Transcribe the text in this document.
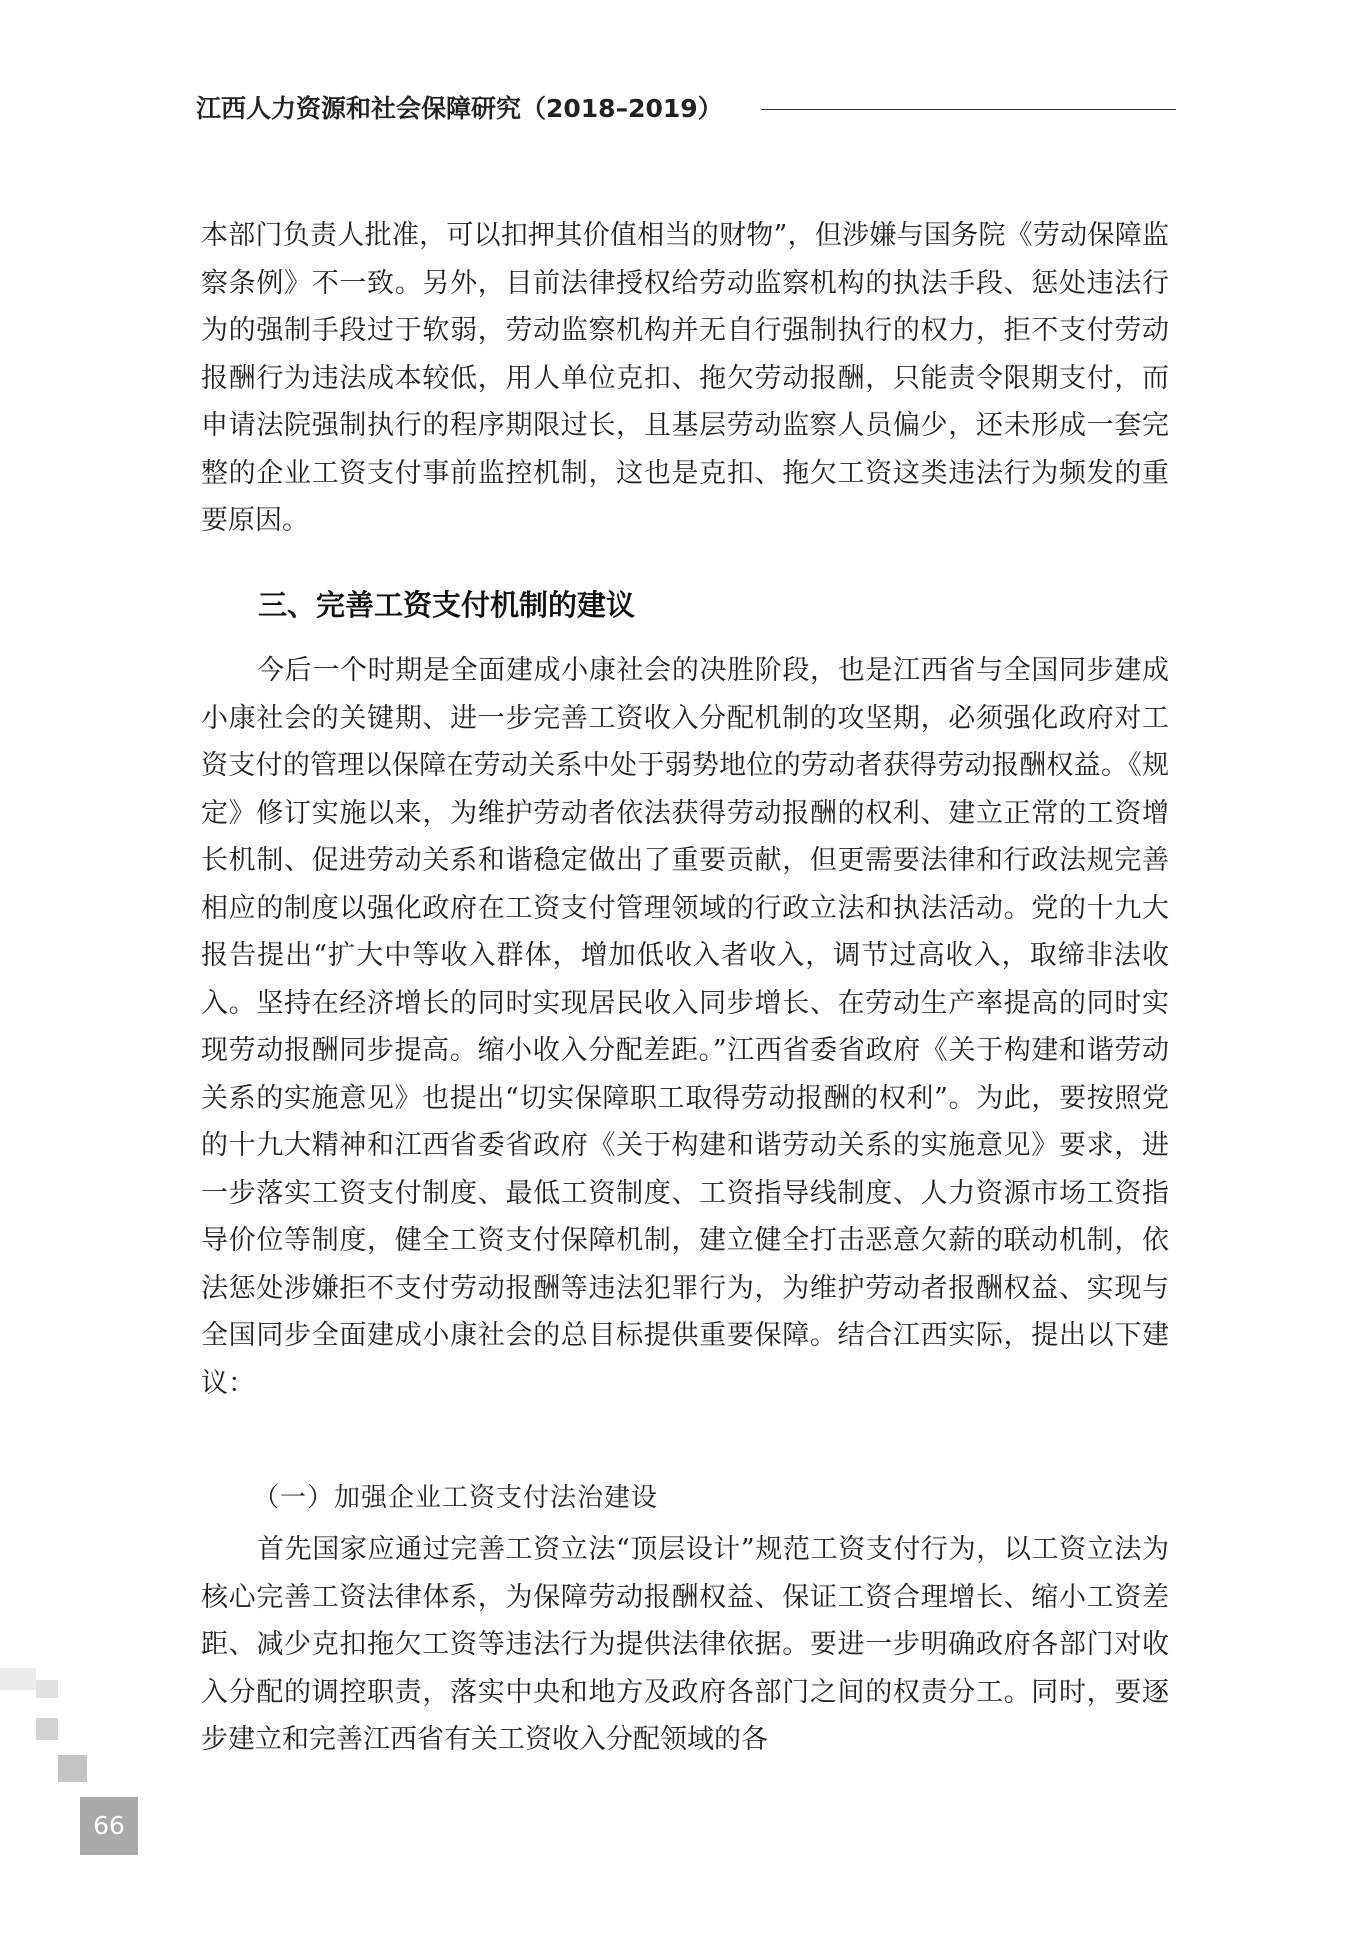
江西人力资源和社会保障研究（2018–2019）

本部门负责人批准，可以扣押其价值相当的财物”，但涉嫌与国务院《劳动保障监察条例》不一致。另外，目前法律授权给劳动监察机构的执法手段、惩处违法行为的强制手段过于软弱，劳动监察机构并无自行强制执行的权力，拒不支付劳动报酬行为违法成本较低，用人单位克扣、拖欠劳动报酬，只能责令限期支付，而申请法院强制执行的程序期限过长，且基层劳动监察人员偏少，还未形成一套完整的企业工资支付事前监控机制，这也是克扣、拖欠工资这类违法行为频发的重要原因。

三、完善工资支付机制的建议

今后一个时期是全面建成小康社会的决胜阶段，也是江西省与全国同步建成小康社会的关键期、进一步完善工资收入分配机制的攻坚期，必须强化政府对工资支付的管理以保障在劳动关系中处于弱势地位的劳动者获得劳动报酬权益。《规定》修订实施以来，为维护劳动者依法获得劳动报酬的权利、建立正常的工资增长机制、促进劳动关系和谐稳定做出了重要贡献，但更需要法律和行政法规完善相应的制度以强化政府在工资支付管理领域的行政立法和执法活动。党的十九大报告提出“扩大中等收入群体，增加低收入者收入，调节过高收入，取缔非法收入。坚持在经济增长的同时实现居民收入同步增长、在劳动生产率提高的同时实现劳动报酬同步提高。缩小收入分配差距。”江西省委省政府《关于构建和谐劳动关系的实施意见》也提出“切实保障职工取得劳动报酬的权利”。为此，要按照党的十九大精神和江西省委省政府《关于构建和谐劳动关系的实施意见》要求，进一步落实工资支付制度、最低工资制度、工资指导线制度、人力资源市场工资指导价位等制度，健全工资支付保障机制，建立健全打击恶意欠薪的联动机制，依法惩处涉嫌拒不支付劳动报酬等违法犯罪行为，为维护劳动者报酬权益、实现与全国同步全面建成小康社会的总目标提供重要保障。结合江西实际，提出以下建议：

（一）加强企业工资支付法治建设

首先国家应通过完善工资立法“顶层设计”规范工资支付行为，以工资立法为核心完善工资法律体系，为保障劳动报酬权益、保证工资合理增长、缩小工资差距、减少克扣拖欠工资等违法行为提供法律依据。要进一步明确政府各部门对收入分配的调控职责，落实中央和地方及政府各部门之间的权责分工。同时，要逐步建立和完善江西省有关工资收入分配领域的各

66
